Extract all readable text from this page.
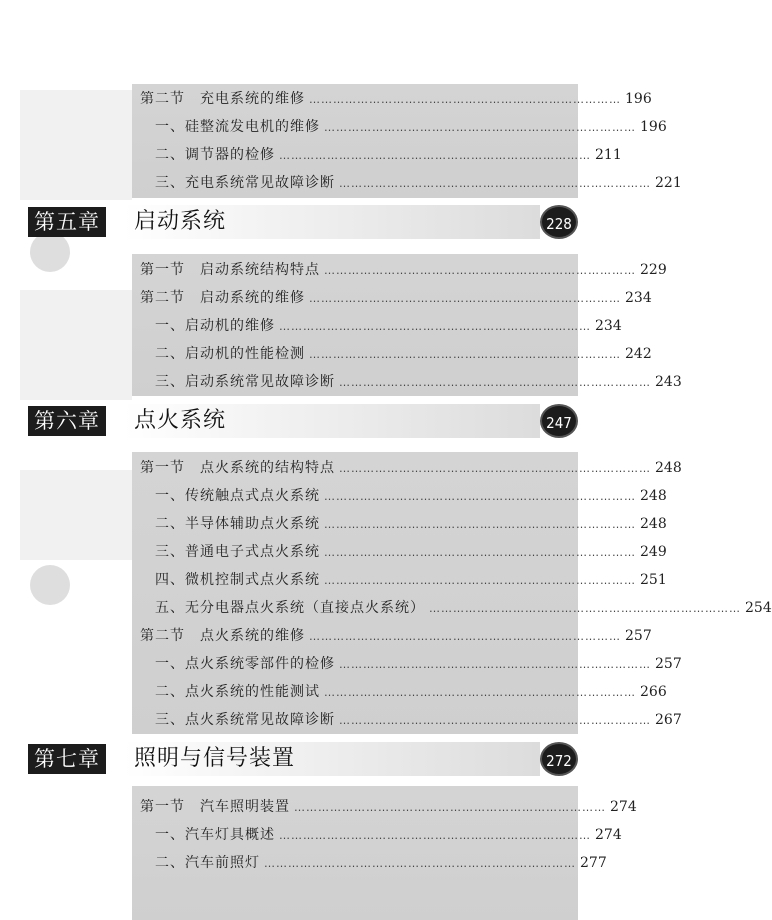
第二节　充电系统的维修 …………………………………………………………………… 196
　一、硅整流发电机的维修 …………………………………………………………………… 196
　二、调节器的检修 …………………………………………………………………… 211
　三、充电系统常见故障诊断 …………………………………………………………………… 221
第五章 启动系统	228
第一节　启动系统结构特点 …………………………………………………………………… 229
第二节　启动系统的维修 …………………………………………………………………… 234
　一、启动机的维修 …………………………………………………………………… 234
　二、启动机的性能检测 …………………………………………………………………… 242
　三、启动系统常见故障诊断 …………………………………………………………………… 243
第六章 点火系统	247
第一节　点火系统的结构特点 …………………………………………………………………… 248
　一、传统触点式点火系统 …………………………………………………………………… 248
　二、半导体辅助点火系统 …………………………………………………………………… 248
　三、普通电子式点火系统 …………………………………………………………………… 249
　四、微机控制式点火系统 …………………………………………………………………… 251
　五、无分电器点火系统（直接点火系统） …………………………………………………………………… 254
第二节　点火系统的维修 …………………………………………………………………… 257
　一、点火系统零部件的检修 …………………………………………………………………… 257
　二、点火系统的性能测试 …………………………………………………………………… 266
　三、点火系统常见故障诊断 …………………………………………………………………… 267
第七章 照明与信号装置	272
第一节　汽车照明装置 …………………………………………………………………… 274
　一、汽车灯具概述 …………………………………………………………………… 274
　二、汽车前照灯 …………………………………………………………………… 277
